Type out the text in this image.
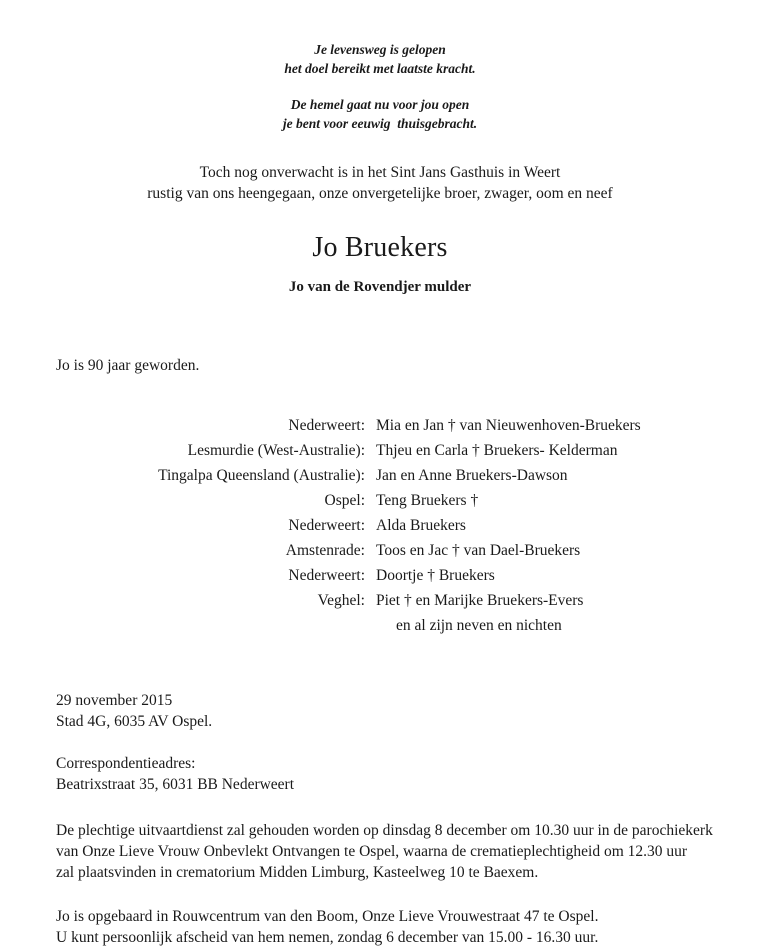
Je levensweg is gelopen
het doel bereikt met laatste kracht.
De hemel gaat nu voor jou open
je bent voor eeuwig  thuisgebracht.
Toch nog onverwacht is in het Sint Jans Gasthuis in Weert
rustig van ons heengegaan, onze onvergetelijke broer, zwager, oom en neef
Jo Bruekers
Jo van de Rovendjer mulder
Jo is 90 jaar geworden.
Nederweert:	Mia en Jan † van Nieuwenhoven-Bruekers
Lesmurdie (West-Australie):	Thjeu en Carla † Bruekers- Kelderman
Tingalpa Queensland (Australie):	Jan en Anne Bruekers-Dawson
Ospel:	Teng Bruekers †
Nederweert:	Alda Bruekers
Amstenrade:	Toos en Jac † van Dael-Bruekers
Nederweert:	Doortje † Bruekers
Veghel:	Piet † en Marijke Bruekers-Evers
	en al zijn neven en nichten
29 november 2015
Stad 4G, 6035 AV Ospel.
Correspondentieadres:
Beatrixstraat 35, 6031 BB Nederweert
De plechtige uitvaartdienst zal gehouden worden op dinsdag 8 december om 10.30 uur in de parochiekerk
van Onze Lieve Vrouw Onbevlekt Ontvangen te Ospel, waarna de crematieplechtigheid om 12.30 uur
zal plaatsvinden in crematorium Midden Limburg, Kasteelweg 10 te Baexem.
Jo is opgebaard in Rouwcentrum van den Boom, Onze Lieve Vrouwestraat 47 te Ospel.
U kunt persoonlijk afscheid van hem nemen, zondag 6 december van 15.00 - 16.30 uur.
